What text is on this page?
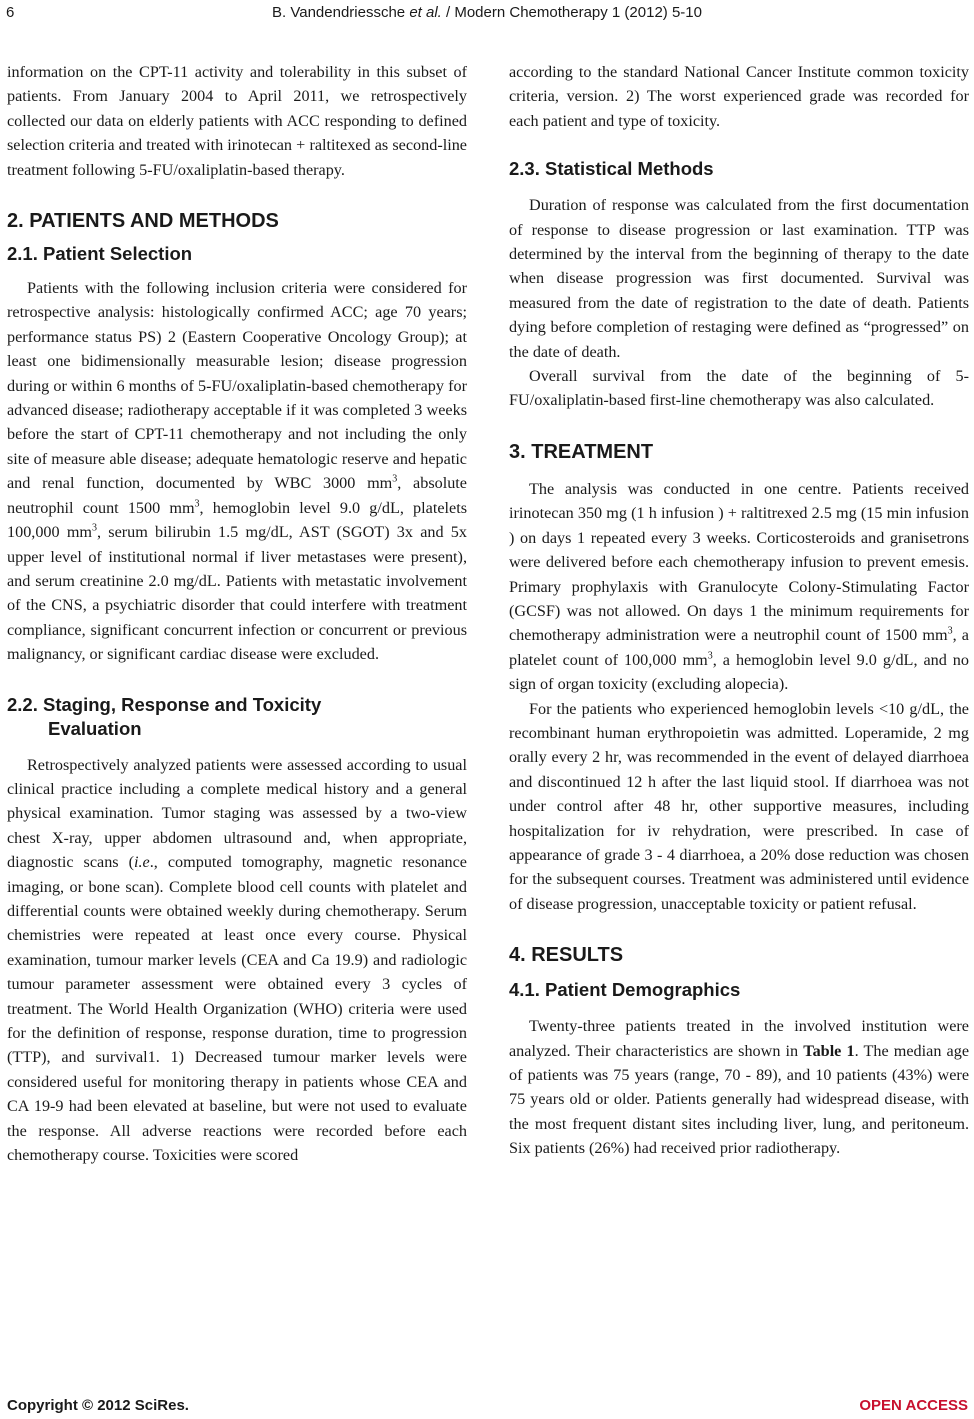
6	B. Vandendriessche et al. / Modern Chemotherapy 1 (2012) 5-10

information on the CPT-11 activity and tolerability in this subset of patients. From January 2004 to April 2011, we retrospectively collected our data on elderly patients with ACC responding to defined selection criteria and treated with irinotecan + raltitexed as second-line treatment following 5-FU/oxaliplatin-based therapy.

2. PATIENTS AND METHODS
2.1. Patient Selection

Patients with the following inclusion criteria were considered for retrospective analysis: histologically confirmed ACC; age 70 years; performance status PS) 2 (Eastern Cooperative Oncology Group); at least one bidimensionally measurable lesion; disease progression during or within 6 months of 5-FU/oxaliplatin-based chemotherapy for advanced disease; radiotherapy acceptable if it was completed 3 weeks before the start of CPT-11 chemotherapy and not including the only site of measure able disease; adequate hematologic reserve and hepatic and renal function, documented by WBC 3000 $mm^3$, absolute neutrophil count 1500 $mm^3$, hemoglobin level 9.0 g/dL, platelets 100,000 $mm^3$, serum bilirubin 1.5 mg/dL, AST (SGOT) 3x and 5x upper level of institutional normal if liver metastases were present), and serum creatinine 2.0 mg/dL. Patients with metastatic involvement of the CNS, a psychiatric disorder that could interfere with treatment compliance, significant concurrent infection or concurrent or previous malignancy, or significant cardiac disease were excluded.

2.2. Staging, Response and Toxicity
Evaluation

Retrospectively analyzed patients were assessed according to usual clinical practice including a complete medical history and a general physical examination. Tumor staging was assessed by a two-view chest X-ray, upper abdomen ultrasound and, when appropriate, diagnostic scans (i.e., computed tomography, magnetic resonance imaging, or bone scan). Complete blood cell counts with platelet and differential counts were obtained weekly during chemotherapy. Serum chemistries were repeated at least once every course. Physical examination, tumour marker levels (CEA and Ca 19.9) and radiologic tumour parameter assessment were obtained every 3 cycles of treatment. The World Health Organization (WHO) criteria were used for the definition of response, response duration, time to progression (TTP), and survival1. 1) Decreased tumour marker levels were considered useful for monitoring therapy in patients whose CEA and CA 19-9 had been elevated at baseline, but were not used to evaluate the response. All adverse reactions were recorded before each chemotherapy course. Toxicities were scored

according to the standard National Cancer Institute common toxicity criteria, version. 2) The worst experienced grade was recorded for each patient and type of toxicity.

2.3. Statistical Methods

Duration of response was calculated from the first documentation of response to disease progression or last examination. TTP was determined by the interval from the beginning of therapy to the date when disease progression was first documented. Survival was measured from the date of registration to the date of death. Patients dying before completion of restaging were defined as “progressed” on the date of death.

Overall survival from the date of the beginning of 5-FU/oxaliplatin-based first-line chemotherapy was also calculated.

3. TREATMENT

The analysis was conducted in one centre. Patients received irinotecan 350 mg (1 h infusion ) + raltitrexed 2.5 mg (15 min infusion ) on days 1 repeated every 3 weeks. Corticosteroids and granisetrons were delivered before each chemotherapy infusion to prevent emesis. Primary prophylaxis with Granulocyte Colony-Stimulating Factor (GCSF) was not allowed. On days 1 the minimum requirements for chemotherapy administration were a neutrophil count of 1500 $mm^3$, a platelet count of 100,000 $mm^3$, a hemoglobin level 9.0 g/dL, and no sign of organ toxicity (excluding alopecia).

For the patients who experienced hemoglobin levels <10 g/dL, the recombinant human erythropoietin was admitted. Loperamide, 2 mg orally every 2 hr, was recommended in the event of delayed diarrhoea and discontinued 12 h after the last liquid stool. If diarrhoea was not under control after 48 hr, other supportive measures, including hospitalization for iv rehydration, were prescribed. In case of appearance of grade 3 - 4 diarrhoea, a 20% dose reduction was chosen for the subsequent courses. Treatment was administered until evidence of disease progression, unacceptable toxicity or patient refusal.

4. RESULTS
4.1. Patient Demographics

Twenty-three patients treated in the involved institution were analyzed. Their characteristics are shown in Table 1. The median age of patients was 75 years (range, 70 - 89), and 10 patients (43%) were 75 years old or older. Patients generally had widespread disease, with the most frequent distant sites including liver, lung, and peritoneum. Six patients (26%) had received prior radiotherapy.

Copyright © 2012 SciRes.	OPEN ACCESS
